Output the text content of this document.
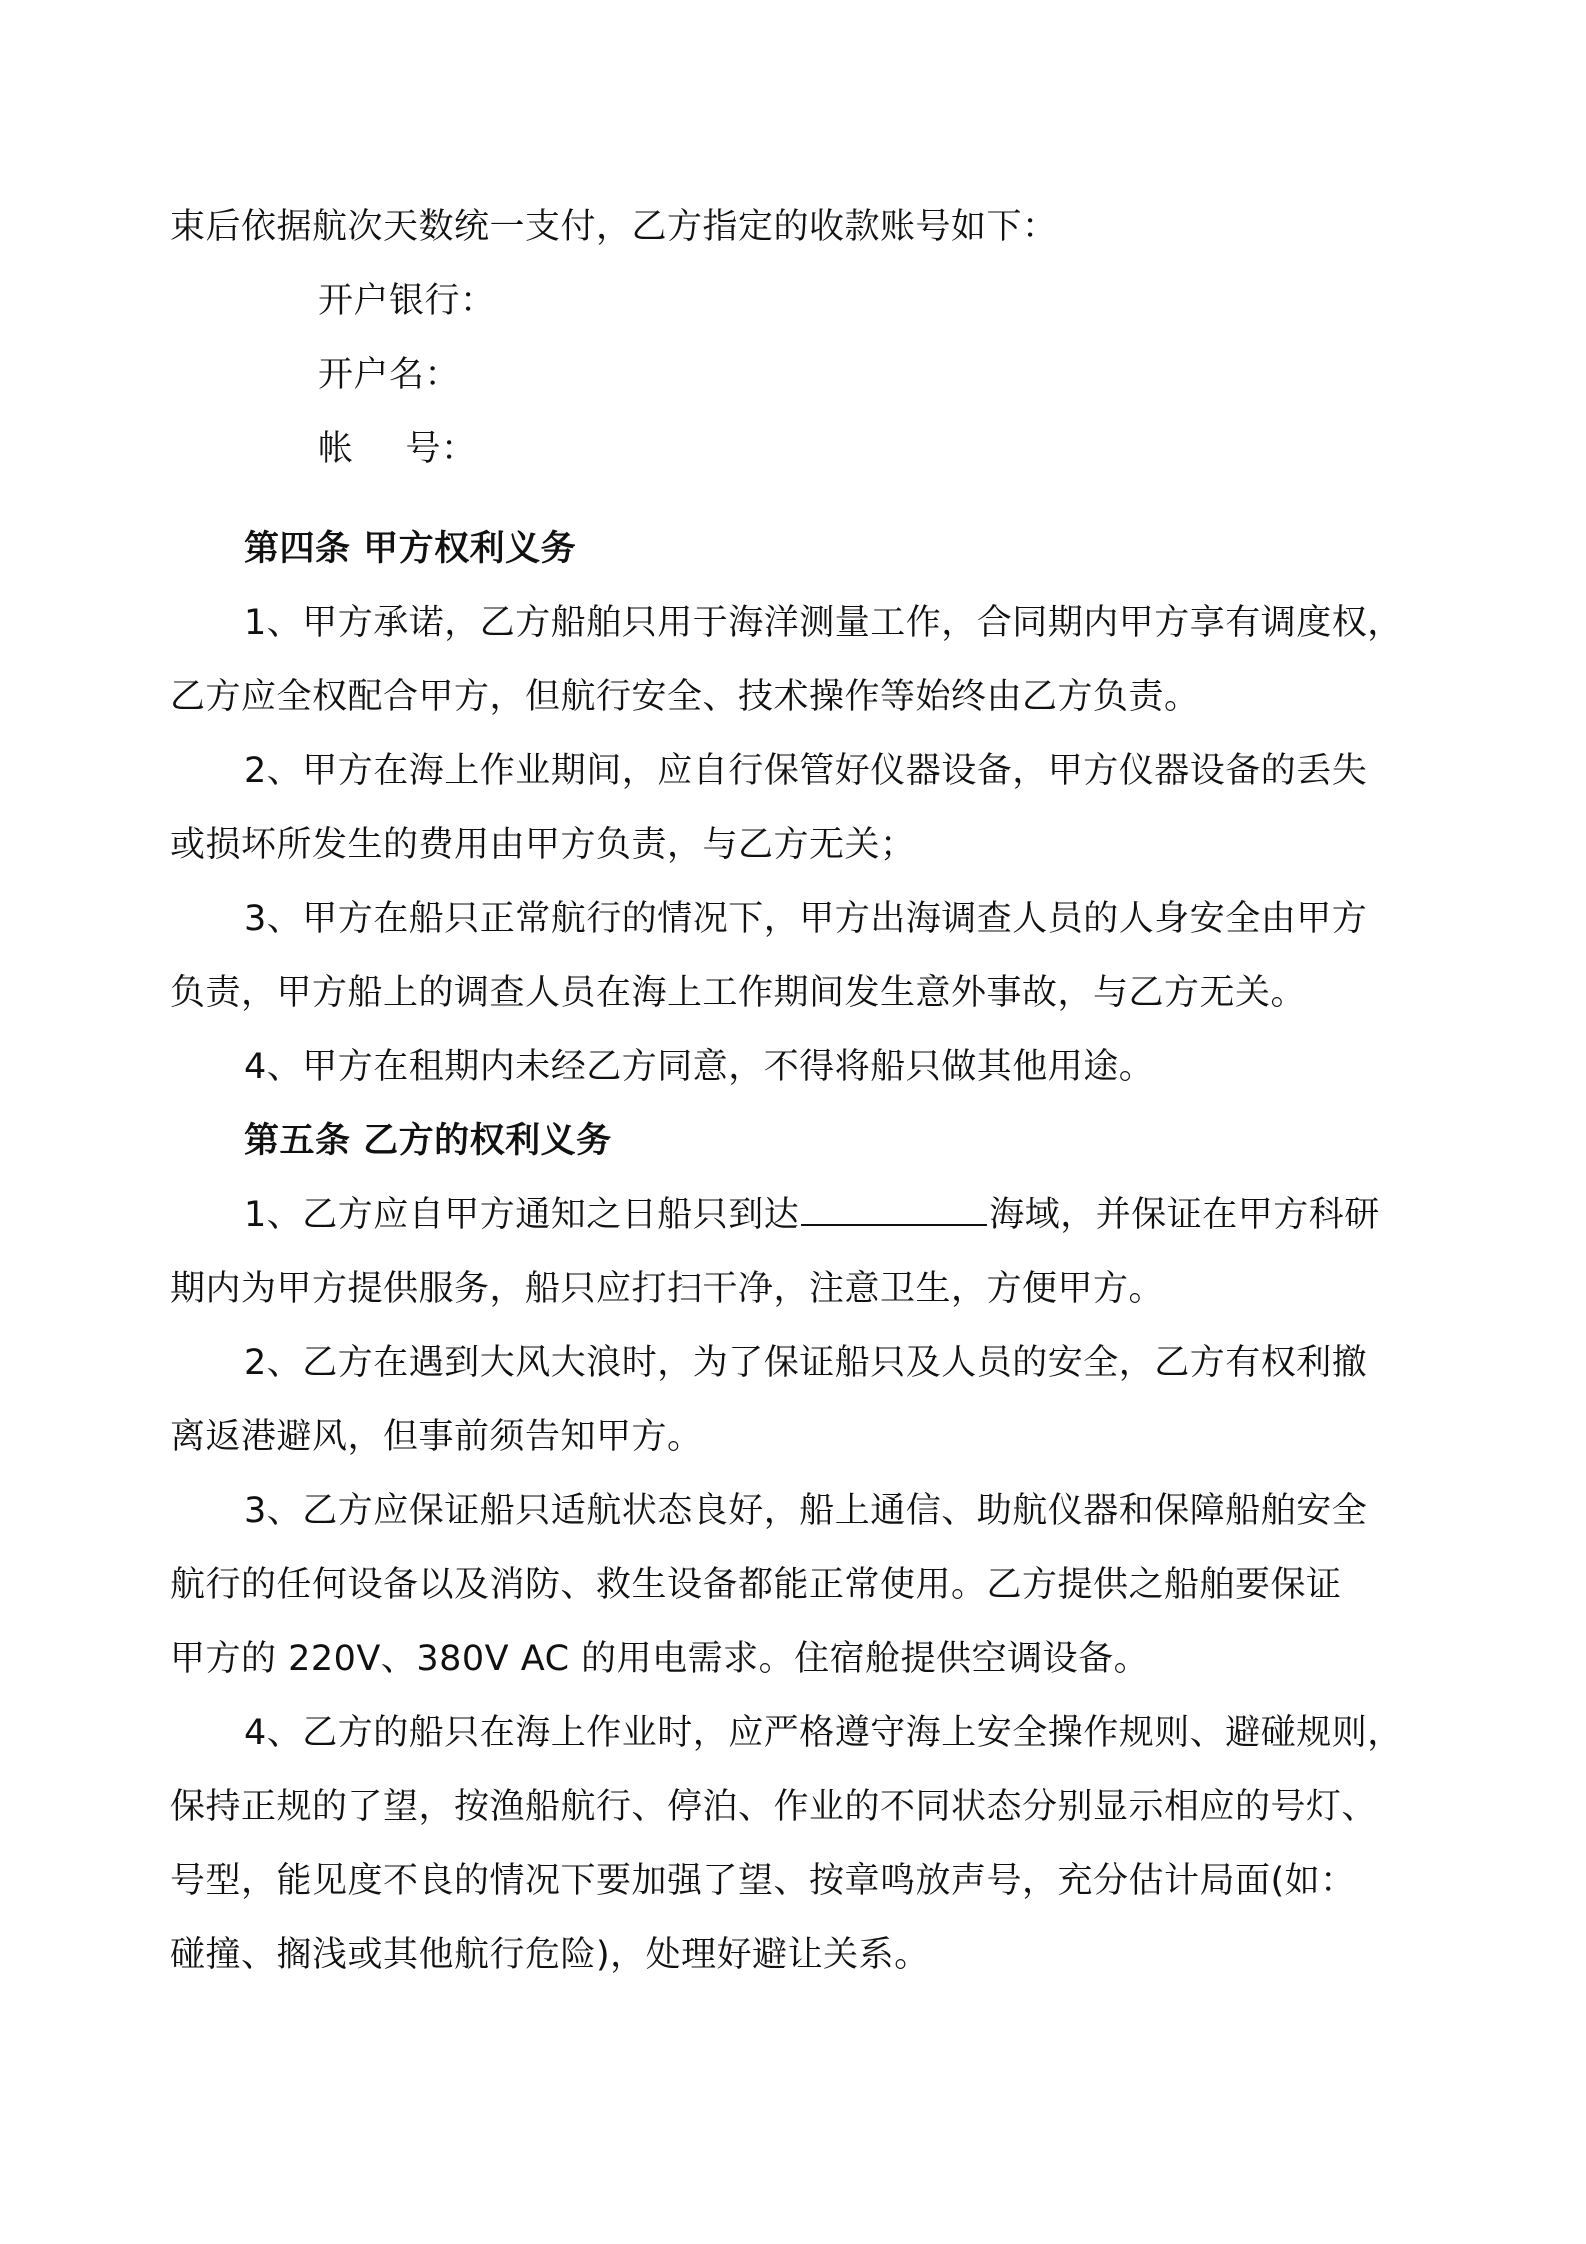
束后依据航次天数统一支付，乙方指定的收款账号如下：
开户银行：
开户名：
帐 号：
第四条 甲方权利义务
1、甲方承诺，乙方船舶只用于海洋测量工作，合同期内甲方享有调度权，
乙方应全权配合甲方，但航行安全、技术操作等始终由乙方负责。
2、甲方在海上作业期间，应自行保管好仪器设备，甲方仪器设备的丢失
或损坏所发生的费用由甲方负责，与乙方无关；
3、甲方在船只正常航行的情况下，甲方出海调查人员的人身安全由甲方
负责，甲方船上的调查人员在海上工作期间发生意外事故，与乙方无关。
4、甲方在租期内未经乙方同意，不得将船只做其他用途。
第五条 乙方的权利义务
1、乙方应自甲方通知之日船只到达	海域，并保证在甲方科研
期内为甲方提供服务，船只应打扫干净，注意卫生，方便甲方。
2、乙方在遇到大风大浪时，为了保证船只及人员的安全，乙方有权利撤
离返港避风，但事前须告知甲方。
3、乙方应保证船只适航状态良好，船上通信、助航仪器和保障船舶安全
航行的任何设备以及消防、救生设备都能正常使用。乙方提供之船舶要保证
甲方的 220V、380V AC 的用电需求。住宿舱提供空调设备。
4、乙方的船只在海上作业时，应严格遵守海上安全操作规则、避碰规则，
保持正规的了望，按渔船航行、停泊、作业的不同状态分别显示相应的号灯、
号型，能见度不良的情况下要加强了望、按章鸣放声号，充分估计局面(如：
碰撞、搁浅或其他航行危险)，处理好避让关系。
